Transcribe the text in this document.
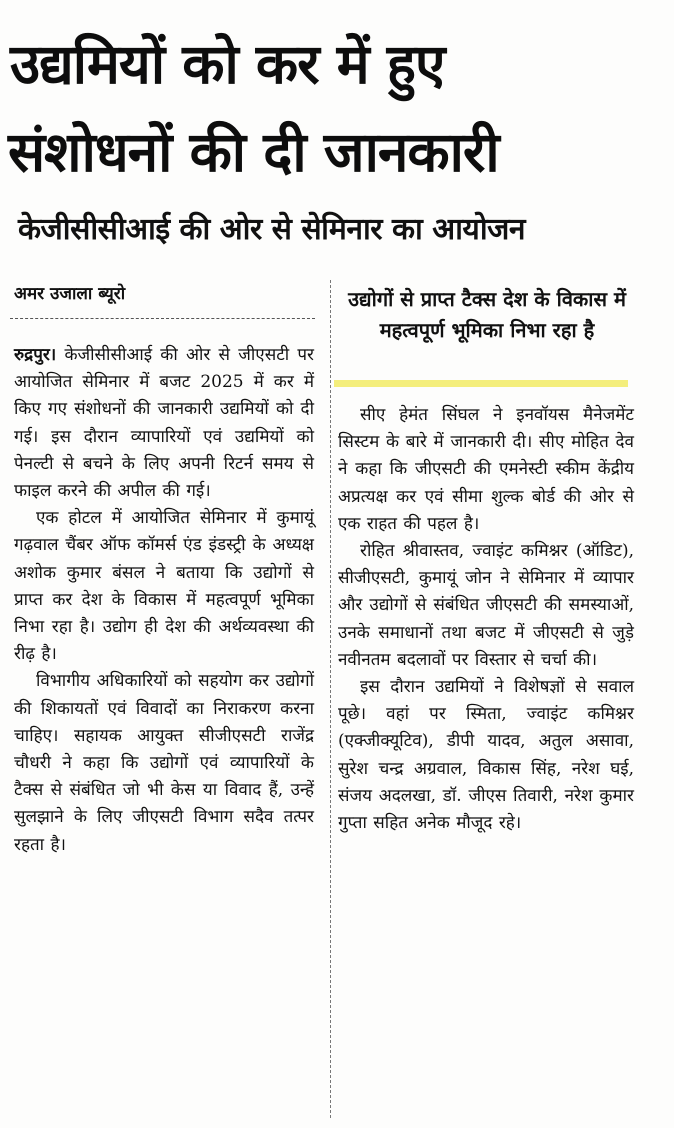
उद्यमियों को कर में हुए
संशोधनों की दी जानकारी
केजीसीसीआई की ओर से सेमिनार का आयोजन
अमर उजाला ब्यूरो

रुद्रपुर। केजीसीसीआई की ओर से जीएसटी पर आयोजित सेमिनार में बजट 2025 में कर में किए गए संशोधनों की जानकारी उद्यमियों को दी गई। इस दौरान व्यापारियों एवं उद्यमियों को पेनल्टी से बचने के लिए अपनी रिटर्न समय से फाइल करने की अपील की गई।

एक होटल में आयोजित सेमिनार में कुमायूं गढ़वाल चैंबर ऑफ कॉमर्स एंड इंडस्ट्री के अध्यक्ष अशोक कुमार बंसल ने बताया कि उद्योगों से प्राप्त कर देश के विकास में महत्वपूर्ण भूमिका निभा रहा है। उद्योग ही देश की अर्थव्यवस्था की रीढ़ है।

विभागीय अधिकारियों को सहयोग कर उद्योगों की शिकायतों एवं विवादों का निराकरण करना चाहिए। सहायक आयुक्त सीजीएसटी राजेंद्र चौधरी ने कहा कि उद्योगों एवं व्यापारियों के टैक्स से संबंधित जो भी केस या विवाद हैं, उन्हें सुलझाने के लिए जीएसटी विभाग सदैव तत्पर रहता है।

उद्योगों से प्राप्त टैक्स देश के विकास में महत्वपूर्ण भूमिका निभा रहा है

सीए हेमंत सिंघल ने इनवॉयस मैनेजमेंट सिस्टम के बारे में जानकारी दी। सीए मोहित देव ने कहा कि जीएसटी की एमनेस्टी स्कीम केंद्रीय अप्रत्यक्ष कर एवं सीमा शुल्क बोर्ड की ओर से एक राहत की पहल है।

रोहित श्रीवास्तव, ज्वाइंट कमिश्नर (ऑडिट), सीजीएसटी, कुमायूं जोन ने सेमिनार में व्यापार और उद्योगों से संबंधित जीएसटी की समस्याओं, उनके समाधानों तथा बजट में जीएसटी से जुड़े नवीनतम बदलावों पर विस्तार से चर्चा की।

इस दौरान उद्यमियों ने विशेषज्ञों से सवाल पूछे। वहां पर स्मिता, ज्वाइंट कमिश्नर (एक्जीक्यूटिव), डीपी यादव, अतुल असावा, सुरेश चन्द्र अग्रवाल, विकास सिंह, नरेश घई, संजय अदलखा, डॉ. जीएस तिवारी, नरेश कुमार गुप्ता सहित अनेक मौजूद रहे।
